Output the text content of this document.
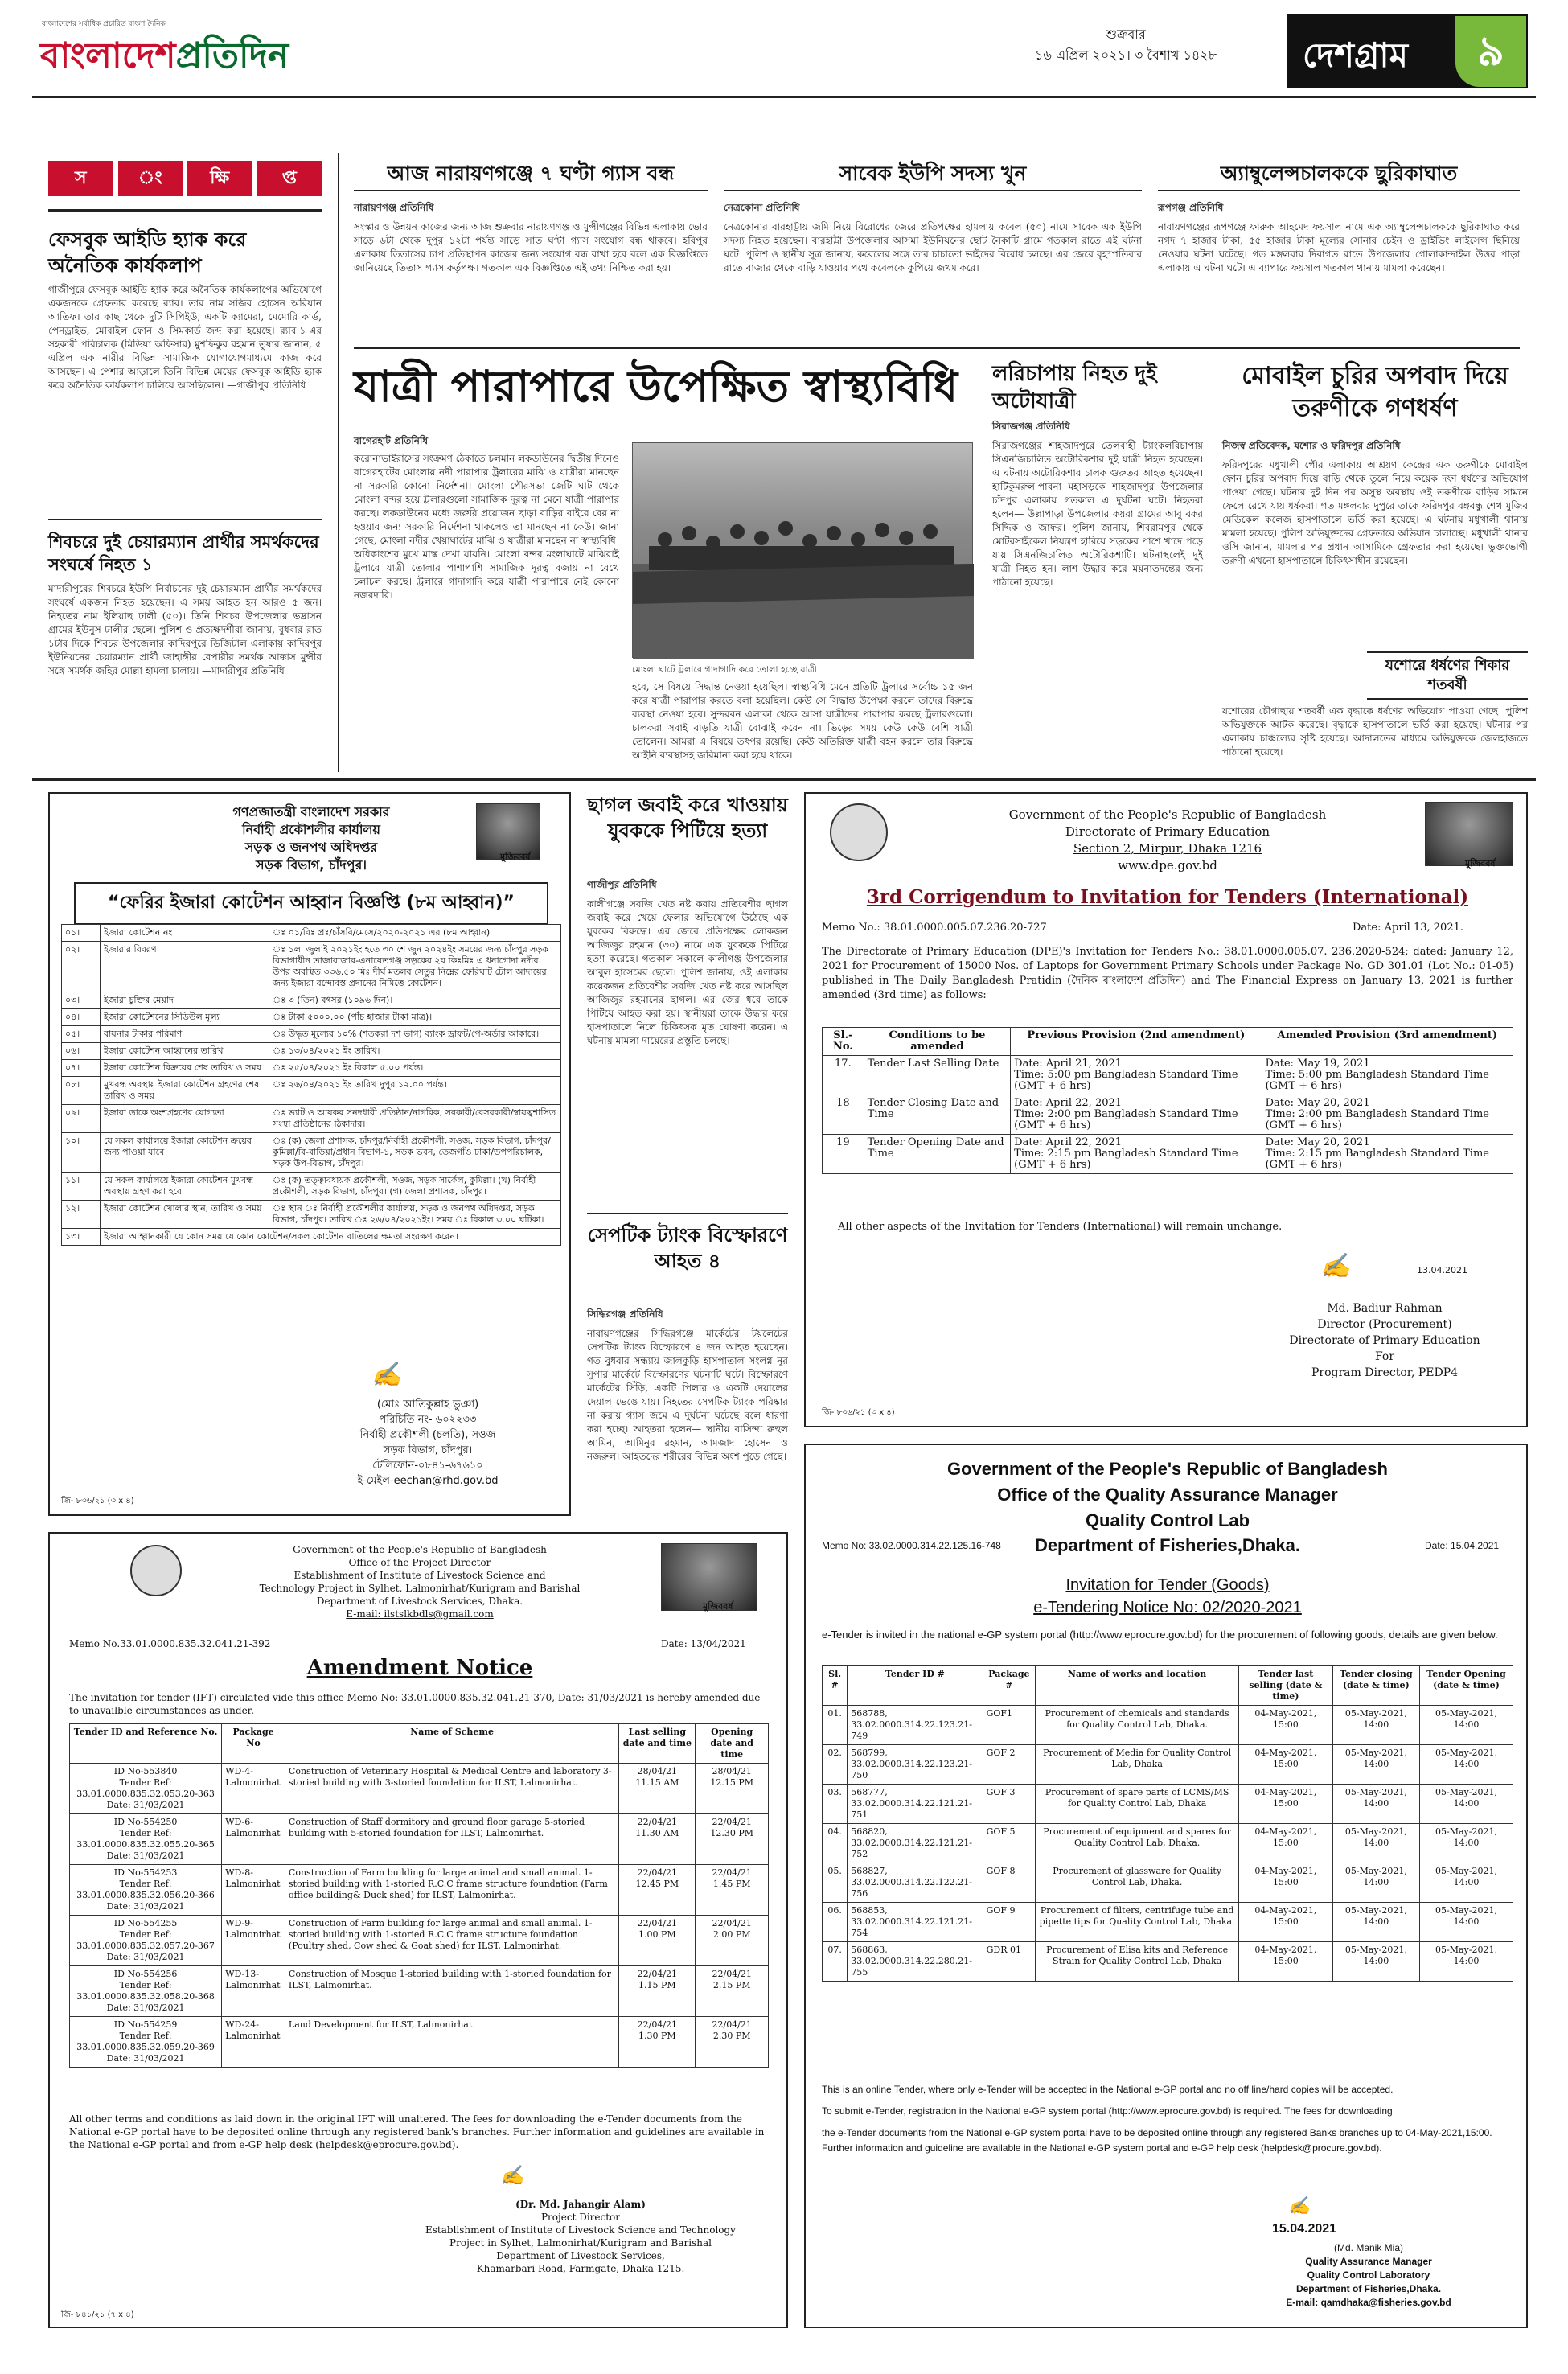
বাংলাদেশের সর্বাধিক প্রচারিত বাংলা দৈনিক
বাংলাদেশপ্রতিদিন
শুক্রবার
১৬ এপ্রিল ২০২১। ৩ বৈশাখ ১৪২৮	দেশগ্রাম	৯
স	ং	ক্ষি	প্ত
ফেসবুক আইডি হ্যাক করে অনৈতিক কার্যকলাপ
গাজীপুরে ফেসবুক আইডি হ্যাক করে অনৈতিক কার্যকলাপের অভিযোগে একজনকে গ্রেফতার করেছে র‍্যাব। তার নাম সজিব হোসেন অরিয়ান আতিফ। তার কাছ থেকে দুটি সিপিইউ, একটি ক্যামেরা, মেমোরি কার্ড, পেনড্রাইভ, মোবাইল ফোন ও সিমকার্ড জব্দ করা হয়েছে। র‍্যাব-১-এর সহকারী পরিচালক (মিডিয়া অফিসার) মুশফিকুর রহমান তুষার জানান, ৫ এপ্রিল এক নারীর বিভিন্ন সামাজিক যোগাযোগমাধ্যমে কাজ করে আসছেন। এ পেশার আড়ালে তিনি বিভিন্ন মেয়ের ফেসবুক আইডি হ্যাক করে অনৈতিক কার্যকলাপ চালিয়ে আসছিলেন। —গাজীপুর প্রতিনিধি
শিবচরে দুই চেয়ারম্যান প্রার্থীর সমর্থকদের সংঘর্ষে নিহত ১
মাদারীপুরের শিবচরে ইউপি নির্বাচনের দুই চেয়ারম্যান প্রার্থীর সমর্থকদের সংঘর্ষে একজন নিহত হয়েছেন। এ সময় আহত হন আরও ৫ জন। নিহতের নাম ইলিয়াছ ঢালী (৫০)। তিনি শিবচর উপজেলার ভদ্রাসন গ্রামের ইউনুস ঢালীর ছেলে। পুলিশ ও প্রত্যক্ষদর্শীরা জানায়, বুধবার রাত ১টার দিকে শিবচর উপজেলার কাদিরপুরে ডিজিটাল এলাকায় কাদিরপুর ইউনিয়নের চেয়ারম্যান প্রার্থী জাহাঙ্গীর বেপারীর সমর্থক আক্কাস মুন্সীর সঙ্গে সমর্থক জহির মোল্লা হামলা চালায়। —মাদারীপুর প্রতিনিধি
আজ নারায়ণগঞ্জে ৭ ঘণ্টা গ্যাস বন্ধ
নারায়ণগঞ্জ প্রতিনিধি
সংস্কার ও উন্নয়ন কাজের জন্য আজ শুক্রবার নারায়ণগঞ্জ ও মুন্সীগঞ্জের বিভিন্ন এলাকায় ভোর সাড়ে ৬টা থেকে দুপুর ১২টা পর্যন্ত সাড়ে সাত ঘণ্টা গ্যাস সংযোগ বন্ধ থাকবে। হরিপুর এলাকায় তিতাসের চাপ প্রতিস্থাপন কাজের জন্য সংযোগ বন্ধ রাখা হবে বলে এক বিজ্ঞপ্তিতে জানিয়েছে তিতাস গ্যাস কর্তৃপক্ষ। গতকাল এক বিজ্ঞপ্তিতে এই তথ্য নিশ্চিত করা হয়।
সাবেক ইউপি সদস্য খুন
নেত্রকোনা প্রতিনিধি
নেত্রকোনার বারহাট্টায় জমি নিয়ে বিরোধের জেরে প্রতিপক্ষের হামলায় কবেল (৫০) নামে সাবেক এক ইউপি সদস্য নিহত হয়েছেন। বারহাট্টা উপজেলার আসমা ইউনিয়নের ছোট নৈকাটি গ্রামে গতকাল রাতে এই ঘটনা ঘটে। পুলিশ ও স্থানীয় সূত্র জানায়, কবেলের সঙ্গে তার চাচাতো ভাইদের বিরোধ চলছে। এর জেরে বৃহস্পতিবার রাতে বাজার থেকে বাড়ি যাওয়ার পথে কবেলকে কুপিয়ে জখম করে।
অ্যাম্বুলেন্সচালককে ছুরিকাঘাত
রূপগঞ্জ প্রতিনিধি
নারায়ণগঞ্জের রূপগঞ্জে ফারুক আহমেদ ফয়সাল নামে এক অ্যাম্বুলেন্সচালককে ছুরিকাঘাত করে নগদ ৭ হাজার টাকা, ৫৫ হাজার টাকা মূল্যের সোনার চেইন ও ড্রাইভিং লাইসেন্স ছিনিয়ে নেওয়ার ঘটনা ঘটেছে। গত মঙ্গলবার দিবাগত রাতে উপজেলার গোলাকান্দাইল উত্তর পাড়া এলাকায় এ ঘটনা ঘটে। এ ব্যাপারে ফয়সাল গতকাল থানায় মামলা করেছেন।
যাত্রী পারাপারে উপেক্ষিত স্বাস্থ্যবিধি
বাগেরহাট প্রতিনিধি
করোনাভাইরাসের সংক্রমণ ঠেকাতে চলমান লকডাউনের দ্বিতীয় দিনেও বাগেরহাটের মোংলায় নদী পারাপার ট্রলারের মাঝি ও যাত্রীরা মানছেন না সরকারি কোনো নির্দেশনা। মোংলা পৌরসভা জেটি ঘাট থেকে মোংলা বন্দর হয়ে ট্রলারগুলো সামাজিক দূরত্ব না মেনে যাত্রী পারাপার করছে। লকডাউনের মধ্যে জরুরি প্রয়োজন ছাড়া বাড়ির বাইরে বের না হওয়ার জন্য সরকারি নির্দেশনা থাকলেও তা মানছেন না কেউ। জানা গেছে, মোংলা নদীর খেয়াঘাটের মাঝি ও যাত্রীরা মানছেন না স্বাস্থ্যবিধি। অধিকাংশের মুখে মাস্ক দেখা যায়নি। মোংলা বন্দর মংলাঘাটে মাঝিরাই ট্রলারে যাত্রী তোলার পাশাপাশি সামাজিক দূরত্ব বজায় না রেখে চলাচল করছে। ট্রলারে গাদাগাদি করে যাত্রী পারাপারে নেই কোনো নজরদারি।
মোংলা ঘাটে ট্রলারে গাদাগাদি করে তোলা হচ্ছে যাত্রী
হবে, সে বিষয়ে সিদ্ধান্ত নেওয়া হয়েছিল। স্বাস্থ্যবিধি মেনে প্রতিটি ট্রলারে সর্বোচ্চ ১৫ জন করে যাত্রী পারাপার করতে বলা হয়েছিল। কেউ সে সিদ্ধান্ত উপেক্ষা করলে তাদের বিরুদ্ধে ব্যবস্থা নেওয়া হবে। সুন্দরবন এলাকা থেকে আসা যাত্রীদের পারাপার করছে ট্রলারগুলো। চালকরা সবাই বাড়তি যাত্রী বোঝাই করেন না। ভিড়ের সময় কেউ কেউ বেশি যাত্রী তোলেন। আমরা এ বিষয়ে তৎপর রয়েছি। কেউ অতিরিক্ত যাত্রী বহন করলে তার বিরুদ্ধে আইনি ব্যবস্থাসহ জরিমানা করা হয়ে থাকে।
লরিচাপায় নিহত দুই অটোযাত্রী
সিরাজগঞ্জ প্রতিনিধি
সিরাজগঞ্জের শাহজাদপুরে তেলবাহী ট্যাংকলরিচাপায় সিএনজিচালিত অটোরিকশার দুই যাত্রী নিহত হয়েছেন। এ ঘটনায় অটোরিকশার চালক গুরুতর আহত হয়েছেন। হাটিকুমরুল-পাবনা মহাসড়কে শাহজাদপুর উপজেলার চাঁদপুর এলাকায় গতকাল এ দুর্ঘটনা ঘটে। নিহতরা হলেন— উল্লাপাড়া উপজেলার কয়রা গ্রামের আবু বকর সিদ্দিক ও জাফর। পুলিশ জানায়, শিবরামপুর থেকে মোটরসাইকেল নিয়ন্ত্রণ হারিয়ে সড়কের পাশে খাদে পড়ে যায় সিএনজিচালিত অটোরিকশাটি। ঘটনাস্থলেই দুই যাত্রী নিহত হন। লাশ উদ্ধার করে ময়নাতদন্তের জন্য পাঠানো হয়েছে।
মোবাইল চুরির অপবাদ দিয়ে তরুণীকে গণধর্ষণ
নিজস্ব প্রতিবেদক, যশোর ও ফরিদপুর প্রতিনিধি
ফরিদপুরের মধুখালী পৌর এলাকায় আশ্রয়ণ কেন্দ্রের এক তরুণীকে মোবাইল ফোন চুরির অপবাদ দিয়ে বাড়ি থেকে তুলে নিয়ে কয়েক দফা ধর্ষণের অভিযোগ পাওয়া গেছে। ঘটনার দুই দিন পর অসুস্থ অবস্থায় ওই তরুণীকে বাড়ির সামনে ফেলে রেখে যায় ধর্ষকরা। গত মঙ্গলবার দুপুরে তাকে ফরিদপুর বঙ্গবন্ধু শেখ মুজিব মেডিকেল কলেজ হাসপাতালে ভর্তি করা হয়েছে। এ ঘটনায় মধুখালী থানায় মামলা হয়েছে। পুলিশ অভিযুক্তদের গ্রেফতারে অভিযান চালাচ্ছে। মধুখালী থানার ওসি জানান, মামলার পর প্রধান আসামিকে গ্রেফতার করা হয়েছে। ভুক্তভোগী তরুণী এখনো হাসপাতালে চিকিৎসাধীন রয়েছেন।
যশোরে ধর্ষণের শিকার শতবর্ষী
যশোরের চৌগাছায় শতবর্ষী এক বৃদ্ধাকে ধর্ষণের অভিযোগ পাওয়া গেছে। পুলিশ অভিযুক্তকে আটক করেছে। বৃদ্ধাকে হাসপাতালে ভর্তি করা হয়েছে। ঘটনার পর এলাকায় চাঞ্চল্যের সৃষ্টি হয়েছে। আদালতের মাধ্যমে অভিযুক্তকে জেলহাজতে পাঠানো হয়েছে।
মুজিববর্ষ
গণপ্রজাতন্ত্রী বাংলাদেশ সরকার
নির্বাহী প্রকৌশলীর কার্যালয়
সড়ক ও জনপথ অধিদপ্তর
সড়ক বিভাগ, চাঁদপুর।
“ফেরির ইজারা কোটেশন আহ্বান বিজ্ঞপ্তি (৮ম আহ্বান)”
০১।	ইজারা কোটেশন নং	ঃ ০১/বিঃ প্রঃ/চাঁসবি/মেসে/২০২০-২০২১ এর (৮ম আহ্বান)
০২।	ইজারার বিবরণ	ঃ ১লা জুলাই ২০২১ইং হতে ৩০ শে জুন ২০২৪ইং সময়ের জন্য চাঁদপুর সড়ক বিভাগাধীন তাজাবাজার-এনায়েতগঞ্জ সড়কের ২য় কিঃমিঃ এ ধনাগোদা নদীর উপর অবস্থিত ৩৩৬.৫০ মিঃ দীর্ঘ মতলব সেতুর নিম্নের ফেরিঘাট টোল আদায়ের জন্য ইজারা বন্দোবস্ত প্রদানের নিমিত্তে কোটেশন।
০৩।	ইজারা চুক্তির মেয়াদ	ঃ ৩ (তিন) বৎসর (১০৯৬ দিন)।
০৪।	ইজারা কোটেশনের সিডিউল মূল্য	ঃ টাকা ৫০০০.০০ (পাঁচ হাজার টাকা মাত্র)।
০৫।	বায়নার টাকার পরিমাণ	ঃ উদ্ধৃত মূল্যের ১০% (শতকরা দশ ভাগ) ব্যাংক ড্রাফট/পে-অর্ডার আকারে।
০৬।	ইজারা কোটেশন আহ্বানের তারিখ	ঃ ১৩/০৪/২০২১ ইং তারিখ।
০৭।	ইজারা কোটেশন বিক্রয়ের শেষ তারিখ ও সময়	ঃ ২৫/০৪/২০২১ ইং বিকাল ৫.০০ পর্যন্ত।
০৮।	মুখবন্ধ অবস্থায় ইজারা কোটেশন গ্রহণের শেষ তারিখ ও সময়	ঃ ২৬/০৪/২০২১ ইং তারিখ দুপুর ১২.০০ পর্যন্ত।
০৯।	ইজারা ডাকে অংশগ্রহণের যোগ্যতা	ঃ ভ্যাট ও আয়কর সনদধারী প্রতিষ্ঠান/নাগরিক, সরকারী/বেসরকারী/স্বায়ত্বশাসিত সংস্থা প্রতিষ্ঠানের ঠিকাদার।
১০।	যে সকল কার্যালয়ে ইজারা কোটেশন ক্রয়ের জন্য পাওয়া যাবে	ঃ (ক) জেলা প্রশাসক, চাঁদপুর/নির্বাহী প্রকৌশলী, সওজ, সড়ক বিভাগ, চাঁদপুর/কুমিল্লা/বি-বাড়িয়া/প্রধান বিভাগ-১, সড়ক ভবন, তেজগাঁও ঢাকা/উপপরিচালক, সড়ক উপ-বিভাগ, চাঁদপুর।
১১।	যে সকল কার্যালয়ে ইজারা কোটেশন মুখবন্ধ অবস্থায় গ্রহণ করা হবে	ঃ (ক) তত্ত্বাবধায়ক প্রকৌশলী, সওজ, সড়ক সার্কেল, কুমিল্লা। (খ) নির্বাহী প্রকৌশলী, সড়ক বিভাগ, চাঁদপুর। (গ) জেলা প্রশাসক, চাঁদপুর।
১২।	ইজারা কোটেশন খোলার স্থান, তারিখ ও সময়	ঃ স্থান ঃ নির্বাহী প্রকৌশলীর কার্যালয়, সড়ক ও জনপথ অধিদপ্তর, সড়ক বিভাগ, চাঁদপুর। তারিখ ঃ ২৬/০৪/২০২১ইং। সময় ঃ বিকাল ৩.০০ ঘটিকা।
১৩।	ইজারা আহ্বানকারী যে কোন সময় যে কোন কোটেশন/সকল কোটেশন বাতিলের ক্ষমতা সংরক্ষণ করেন।	
✍
(মোঃ আতিকুল্লাহ ভুঞা)
পরিচিতি নং- ৬০২২৩৩
নির্বাহী প্রকৌশলী (চলতি), সওজ
সড়ক বিভাগ, চাঁদপুর।
টেলিফোন-০৮৪১-৬৭৬১০
ই-মেইল-eechan@rhd.gov.bd
জি- ৮৩৬/২১ (৩ x ৪)
ছাগল জবাই করে খাওয়ায় যুবককে পিটিয়ে হত্যা
গাজীপুর প্রতিনিধি
কালীগঞ্জে সবজি খেত নষ্ট করায় প্রতিবেশীর ছাগল জবাই করে খেয়ে ফেলার অভিযোগে উঠেছে এক যুবকের বিরুদ্ধে। এর জেরে প্রতিপক্ষের লোকজন আজিজুর রহমান (৩০) নামে এক যুবককে পিটিয়ে হত্যা করেছে। গতকাল সকালে কালীগঞ্জ উপজেলার আবুল হাসেমের ছেলে। পুলিশ জানায়, ওই এলাকার কয়েকজন প্রতিবেশীর সবজি খেত নষ্ট করে আসছিল আজিজুর রহমানের ছাগল। এর জের ধরে তাকে পিটিয়ে আহত করা হয়। স্থানীয়রা তাকে উদ্ধার করে হাসপাতালে নিলে চিকিৎসক মৃত ঘোষণা করেন। এ ঘটনায় মামলা দায়েরের প্রস্তুতি চলছে।
সেপটিক ট্যাংক বিস্ফোরণে আহত ৪
সিদ্ধিরগঞ্জ প্রতিনিধি
নারায়ণগঞ্জের সিদ্ধিরগঞ্জে মার্কেটের টয়লেটের সেপটিক ট্যাংক বিস্ফোরণে ৪ জন আহত হয়েছেন। গত বুধবার সন্ধ্যায় জালকুড়ি হাসপাতাল সংলগ্ন নূর সুপার মার্কেটে বিস্ফোরণের ঘটনাটি ঘটে। বিস্ফোরণে মার্কেটের সিঁড়ি, একটি পিলার ও একটি দেয়ালের দেয়াল ভেঙে যায়। নিহতের সেপটিক ট্যাংক পরিষ্কার না করায় গ্যাস জমে এ দুর্ঘটনা ঘটেছে বলে ধারণা করা হচ্ছে। আহতরা হলেন— স্থানীয় বাসিন্দা রুহুল আমিন, আমিনুর রহমান, আমজাদ হোসেন ও নজরুল। আহতদের শরীরের বিভিন্ন অংশ পুড়ে গেছে।
মুজিববর্ষ
Government of the People's Republic of Bangladesh
Directorate of Primary Education
Section 2, Mirpur, Dhaka 1216
www.dpe.gov.bd
3rd Corrigendum to Invitation for Tenders (International)
Memo No.: 38.01.0000.005.07.236.20-727	Date: April 13, 2021.
The Directorate of Primary Education (DPE)'s Invitation for Tenders No.: 38.01.0000.005.07. 236.2020-524; dated: January 12, 2021 for Procurement of 15000 Nos. of Laptops for Government Primary Schools under Package No. GD 301.01 (Lot No.: 01-05) published in The Daily Bangladesh Pratidin (দৈনিক বাংলাদেশ প্রতিদিন) and The Financial Express on January 13, 2021 is further amended (3rd time) as follows:
Sl.-No.	Conditions to be amended	Previous Provision (2nd amendment)	Amended Provision (3rd amendment)
17.	Tender Last Selling Date	Date: April 21, 2021
Time: 5:00 pm Bangladesh Standard Time (GMT + 6 hrs)	Date: May 19, 2021
Time: 5:00 pm Bangladesh Standard Time (GMT + 6 hrs)
18	Tender Closing Date and Time	Date: April 22, 2021
Time: 2:00 pm Bangladesh Standard Time (GMT + 6 hrs)	Date: May 20, 2021
Time: 2:00 pm Bangladesh Standard Time (GMT + 6 hrs)
19	Tender Opening Date and Time	Date: April 22, 2021
Time: 2:15 pm Bangladesh Standard Time (GMT + 6 hrs)	Date: May 20, 2021
Time: 2:15 pm Bangladesh Standard Time (GMT + 6 hrs)
All other aspects of the Invitation for Tenders (International) will remain unchange.
✍	13.04.2021
Md. Badiur Rahman
Director (Procurement)
Directorate of Primary Education
For
Program Director, PEDP4
জি- ৮৩৬/২১ (৩ x ৪)
মুজিববর্ষ
Government of the People's Republic of Bangladesh
Office of the Project Director
Establishment of Institute of Livestock Science and
Technology Project in Sylhet, Lalmonirhat/Kurigram and Barishal
Department of Livestock Services, Dhaka.
E-mail: ilstslkbdls@gmail.com
Memo No.33.01.0000.835.32.041.21-392	Date: 13/04/2021
Amendment Notice
The invitation for tender (IFT) circulated vide this office Memo No: 33.01.0000.835.32.041.21-370, Date: 31/03/2021 is hereby amended due to unavailble circumstances as under.
Tender ID and Reference No.	Package No	Name of Scheme	Last selling date and time	Opening date and time
ID No-553840
Tender Ref: 33.01.0000.835.32.053.20-363
Date: 31/03/2021	WD-4-
Lalmonirhat	Construction of Veterinary Hospital & Medical Centre and laboratory 3-storied building with 3-storied foundation for ILST, Lalmonirhat.	28/04/21
11.15 AM	28/04/21
12.15 PM
ID No-554250
Tender Ref: 33.01.0000.835.32.055.20-365
Date: 31/03/2021	WD-6-
Lalmonirhat	Construction of Staff dormitory and ground floor garage 5-storied building with 5-storied foundation for ILST, Lalmonirhat.	22/04/21
11.30 AM	22/04/21
12.30 PM
ID No-554253
Tender Ref: 33.01.0000.835.32.056.20-366
Date: 31/03/2021	WD-8-
Lalmonirhat	Construction of Farm building for large animal and small animal. 1-storied building with 1-storied R.C.C frame structure foundation (Farm office building& Duck shed) for ILST, Lalmonirhat.	22/04/21
12.45 PM	22/04/21
1.45 PM
ID No-554255
Tender Ref: 33.01.0000.835.32.057.20-367
Date: 31/03/2021	WD-9-
Lalmonirhat	Construction of Farm building for large animal and small animal. 1-storied building with 1-storied R.C.C frame structure foundation (Poultry shed, Cow shed & Goat shed) for ILST, Lalmonirhat.	22/04/21
1.00 PM	22/04/21
2.00 PM
ID No-554256
Tender Ref: 33.01.0000.835.32.058.20-368
Date: 31/03/2021	WD-13-
Lalmonirhat	Construction of Mosque 1-storied building with 1-storied foundation for ILST, Lalmonirhat.	22/04/21
1.15 PM	22/04/21
2.15 PM
ID No-554259
Tender Ref: 33.01.0000.835.32.059.20-369
Date: 31/03/2021	WD-24-
Lalmonirhat	Land Development for ILST, Lalmonirhat	22/04/21
1.30 PM	22/04/21
2.30 PM
All other terms and conditions as laid down in the original IFT will unaltered. The fees for downloading the e-Tender documents from the National e-GP portal have to be deposited online through any registered bank's branches. Further information and guidelines are available in the National e-GP portal and from e-GP help desk (helpdesk@eprocure.gov.bd).
✍
(Dr. Md. Jahangir Alam)
Project Director
Establishment of Institute of Livestock Science and Technology
Project in Sylhet, Lalmonirhat/Kurigram and Barishal
Department of Livestock Services,
Khamarbari Road, Farmgate, Dhaka-1215.
জি- ৮৪১/২১ (৭ x ৪)
Government of the People's Republic of Bangladesh
Office of the Quality Assurance Manager
Quality Control Lab
Memo No: 33.02.0000.314.22.125.16-748	Department of Fisheries,Dhaka.	Date: 15.04.2021
Invitation for Tender (Goods)
e-Tendering Notice No: 02/2020-2021
e-Tender is invited in the national e-GP system portal (http://www.eprocure.gov.bd) for the procurement of following goods, details are given below.
Sl. #	Tender ID #	Package #	Name of works and location	Tender last selling (date & time)	Tender closing (date & time)	Tender Opening (date & time)
01.	568788,
33.02.0000.314.22.123.21-749	GOF1	Procurement of chemicals and standards for Quality Control Lab, Dhaka.	04-May-2021,
15:00	05-May-2021,
14:00	05-May-2021,
14:00
02.	568799,
33.02.0000.314.22.123.21-750	GOF 2	Procurement of Media for Quality Control Lab, Dhaka	04-May-2021,
15:00	05-May-2021,
14:00	05-May-2021,
14:00
03.	568777,
33.02.0000.314.22.121.21-751	GOF 3	Procurement of spare parts of LCMS/MS for Quality Control Lab, Dhaka	04-May-2021,
15:00	05-May-2021,
14:00	05-May-2021,
14:00
04.	568820,
33.02.0000.314.22.121.21-752	GOF 5	Procurement of equipment and spares for Quality Control Lab, Dhaka.	04-May-2021,
15:00	05-May-2021,
14:00	05-May-2021,
14:00
05.	568827,
33.02.0000.314.22.122.21-756	GOF 8	Procurement of glassware for Quality Control Lab, Dhaka.	04-May-2021,
15:00	05-May-2021,
14:00	05-May-2021,
14:00
06.	568853,
33.02.0000.314.22.121.21-754	GOF 9	Procurement of filters, centrifuge tube and pipette tips for Quality Control Lab, Dhaka.	04-May-2021,
15:00	05-May-2021,
14:00	05-May-2021,
14:00
07.	568863,
33.02.0000.314.22.280.21-755	GDR 01	Procurement of Elisa kits and Reference Strain for Quality Control Lab, Dhaka	04-May-2021,
15:00	05-May-2021,
14:00	05-May-2021,
14:00
This is an online Tender, where only e-Tender will be accepted in the National e-GP portal and no off line/hard copies will be accepted.
To submit e-Tender, registration in the National e-GP system portal (http://www.eprocure.gov.bd) is required. The fees for downloading
the e-Tender documents from the National e-GP system portal have to be deposited online through any registered Banks branches up to 04-May-2021,15:00. Further information and guideline are available in the National e-GP system portal and e-GP help desk (helpdesk@procure.gov.bd).
✍
15.04.2021
(Md. Manik Mia)
Quality Assurance Manager
Quality Control Laboratory
Department of Fisheries,Dhaka.
E-mail: qamdhaka@fisheries.gov.bd
